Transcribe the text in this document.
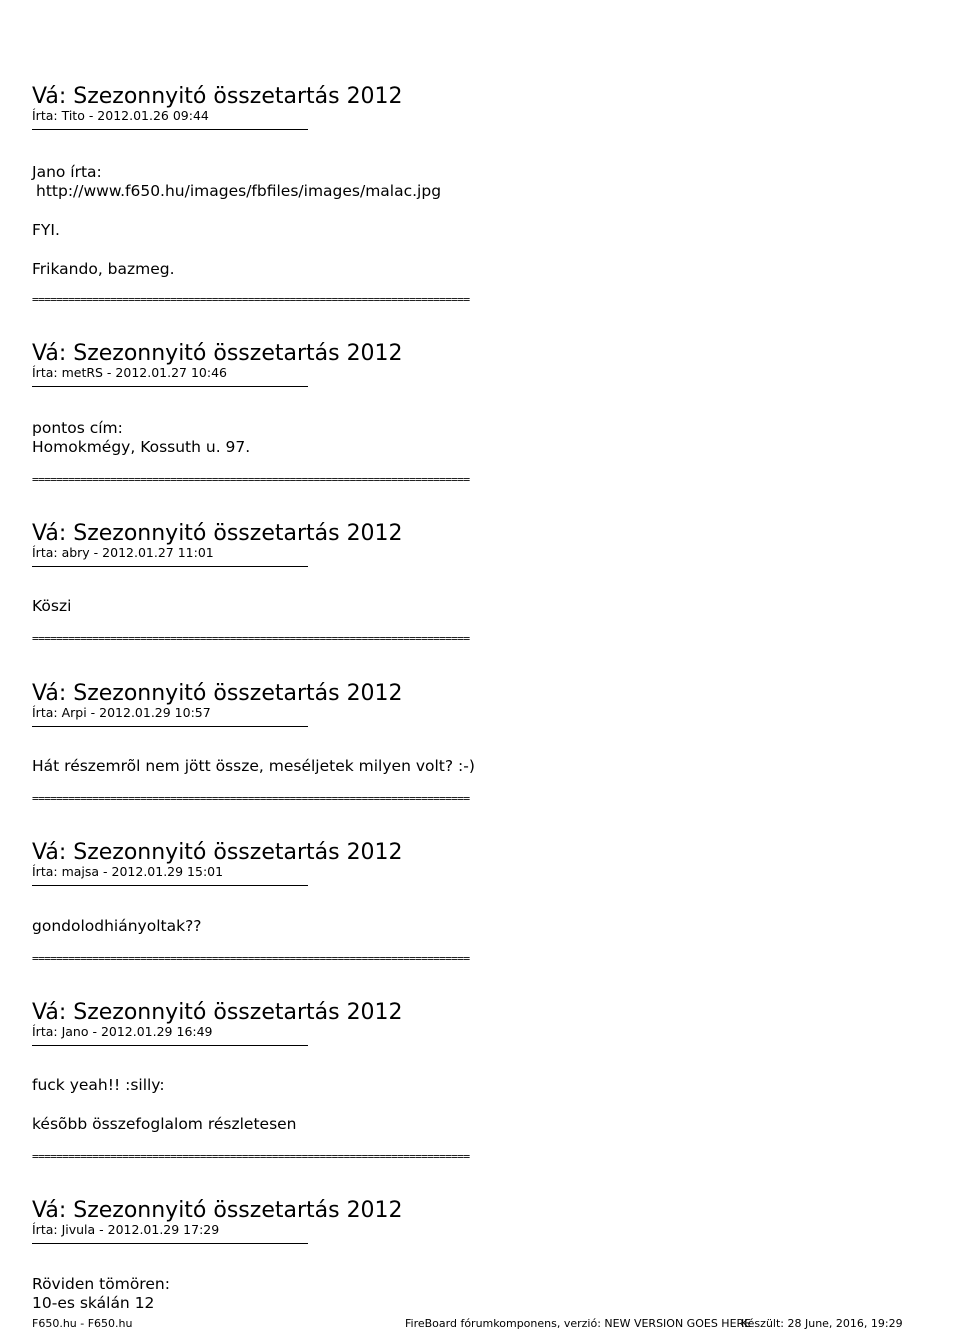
Vá: Szezonnyitó összetartás 2012
Írta: Tito - 2012.01.26 09:44
Jano írta:
http://www.f650.hu/images/fbfiles/images/malac.jpg
FYI.
Frikando, bazmeg.
=========================================================================
Vá: Szezonnyitó összetartás 2012
Írta: metRS - 2012.01.27 10:46
pontos cím:
Homokmégy, Kossuth u. 97.
=========================================================================
Vá: Szezonnyitó összetartás 2012
Írta: abry - 2012.01.27 11:01
Köszi
=========================================================================
Vá: Szezonnyitó összetartás 2012
Írta: Arpi - 2012.01.29 10:57
Hát részemrõl nem jött össze, meséljetek milyen volt? :-)
=========================================================================
Vá: Szezonnyitó összetartás 2012
Írta: majsa - 2012.01.29 15:01
gondolodhiányoltak??
=========================================================================
Vá: Szezonnyitó összetartás 2012
Írta: Jano - 2012.01.29 16:49
fuck yeah!! :silly:
késõbb összefoglalom részletesen
=========================================================================
Vá: Szezonnyitó összetartás 2012
Írta: Jivula - 2012.01.29 17:29
Röviden tömören:
10-es skálán 12
F650.hu - F650.hu	FireBoard fórumkomponens, verzió: NEW VERSION GOES HERE
Készült: 28 June, 2016, 19:29
